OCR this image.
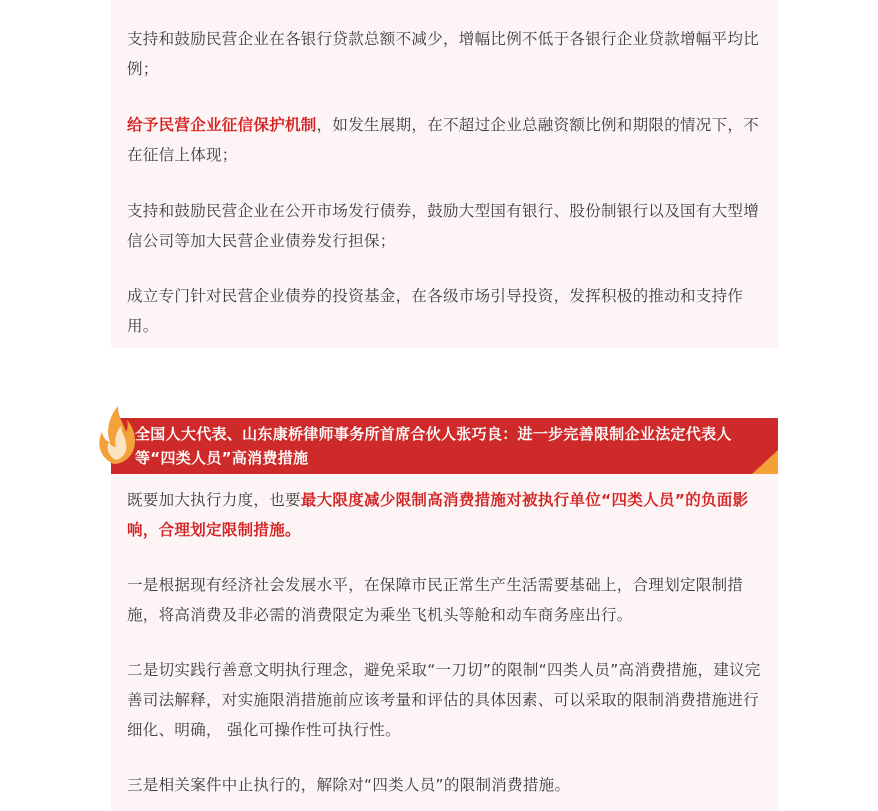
支持和鼓励民营企业在各银行贷款总额不减少，增幅比例不低于各银行企业贷款增幅平均比例；

给予民营企业征信保护机制，如发生展期，在不超过企业总融资额比例和期限的情况下，不在征信上体现；

支持和鼓励民营企业在公开市场发行债券，鼓励大型国有银行、股份制银行以及国有大型增信公司等加大民营企业债券发行担保；

成立专门针对民营企业债券的投资基金，在各级市场引导投资，发挥积极的推动和支持作用。

全国人大代表、山东康桥律师事务所首席合伙人张巧良：进一步完善限制企业法定代表人等“四类人员”高消费措施

既要加大执行力度，也要最大限度减少限制高消费措施对被执行单位“四类人员”的负面影响，合理划定限制措施。

一是根据现有经济社会发展水平，在保障市民正常生产生活需要基础上，合理划定限制措施，将高消费及非必需的消费限定为乘坐飞机头等舱和动车商务座出行。

二是切实践行善意文明执行理念，避免采取“一刀切”的限制“四类人员”高消费措施，建议完善司法解释，对实施限消措施前应该考量和评估的具体因素、可以采取的限制消费措施进行细化、明确， 强化可操作性可执行性。

三是相关案件中止执行的，解除对“四类人员”的限制消费措施。
